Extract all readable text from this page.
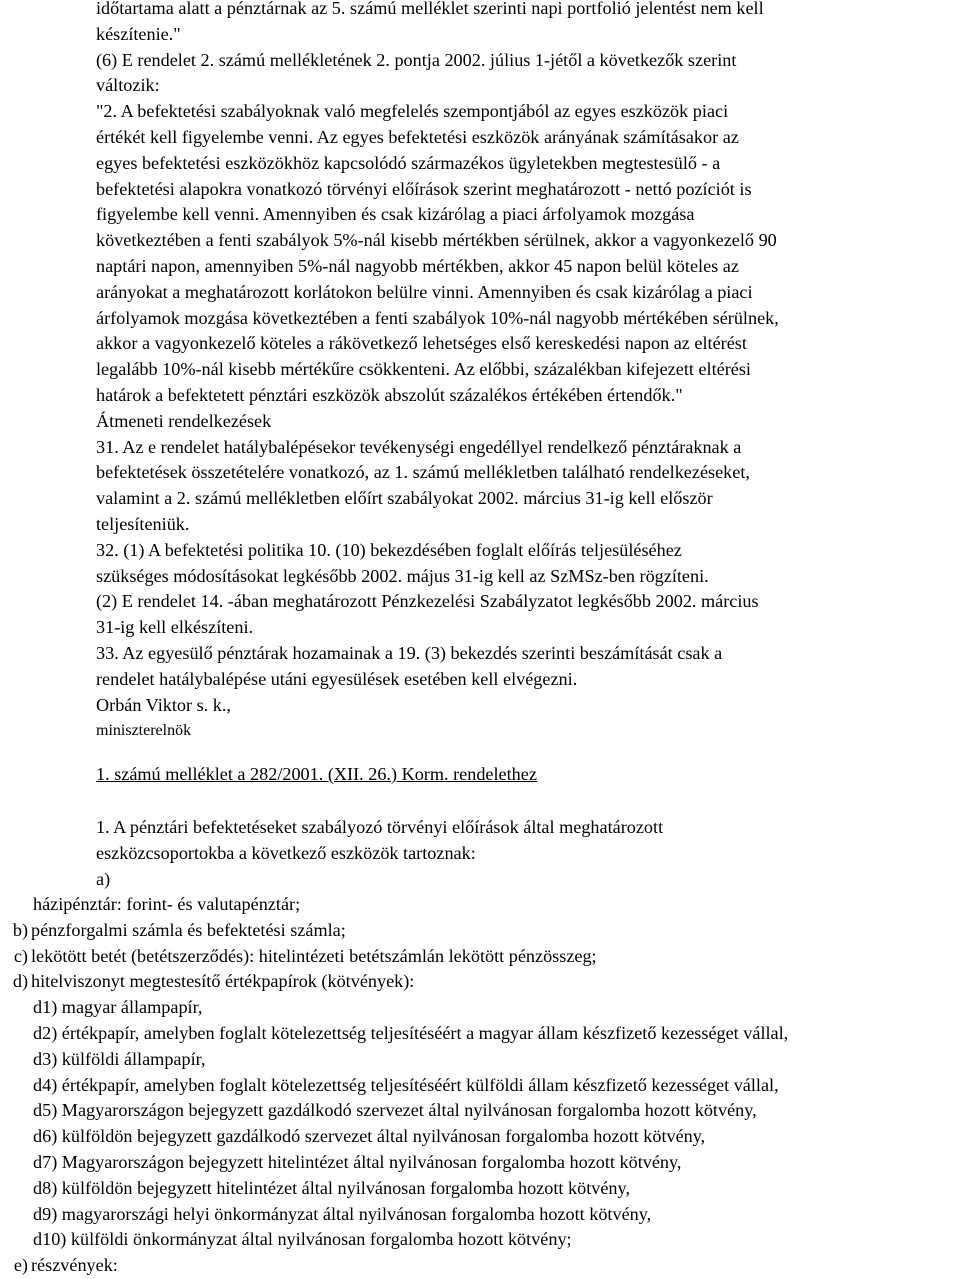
időtartama alatt a pénztárnak az 5. számú melléklet szerinti napi portfolió jelentést nem kell
készítenie."
(6) E rendelet 2. számú mellékletének 2. pontja 2002. július 1-jétől a következők szerint
változik:
"2. A befektetési szabályoknak való megfelelés szempontjából az egyes eszközök piaci
értékét kell figyelembe venni. Az egyes befektetési eszközök arányának számításakor az
egyes befektetési eszközökhöz kapcsolódó származékos ügyletekben megtestesülő - a
befektetési alapokra vonatkozó törvényi előírások szerint meghatározott - nettó pozíciót is
figyelembe kell venni. Amennyiben és csak kizárólag a piaci árfolyamok mozgása
következtében a fenti szabályok 5%-nál kisebb mértékben sérülnek, akkor a vagyonkezelő 90
naptári napon, amennyiben 5%-nál nagyobb mértékben, akkor 45 napon belül köteles az
arányokat a meghatározott korlátokon belülre vinni. Amennyiben és csak kizárólag a piaci
árfolyamok mozgása következtében a fenti szabályok 10%-nál nagyobb mértékében sérülnek,
akkor a vagyonkezelő köteles a rákövetkező lehetséges első kereskedési napon az eltérést
legalább 10%-nál kisebb mértékűre csökkenteni. Az előbbi, százalékban kifejezett eltérési
határok a befektetett pénztári eszközök abszolút százalékos értékében értendők."
Átmeneti rendelkezések
31. Az e rendelet hatálybalépésekor tevékenységi engedéllyel rendelkező pénztáraknak a
befektetések összetételére vonatkozó, az 1. számú mellékletben található rendelkezéseket,
valamint a 2. számú mellékletben előírt szabályokat 2002. március 31-ig kell először
teljesíteniük.
32. (1) A befektetési politika 10. (10) bekezdésében foglalt előírás teljesüléséhez
szükséges módosításokat legkésőbb 2002. május 31-ig kell az SzMSz-ben rögzíteni.
(2) E rendelet 14. -ában meghatározott Pénzkezelési Szabályzatot legkésőbb 2002. március
31-ig kell elkészíteni.
33. Az egyesülő pénztárak hozamainak a 19. (3) bekezdés szerinti beszámítását csak a
rendelet hatálybalépése utáni egyesülések esetében kell elvégezni.
Orbán Viktor s. k.,
miniszterelnök
1. számú melléklet a 282/2001. (XII. 26.) Korm. rendelethez
1. A pénztári befektetéseket szabályozó törvényi előírások által meghatározott
eszközcsoportokba a következő eszközök tartoznak:
a)
házipénztár: forint- és valutapénztár;
b) pénzforgalmi számla és befektetési számla;
c) lekötött betét (betétszerződés): hitelintézeti betétszámlán lekötött pénzösszeg;
d) hitelviszonyt megtestesítő értékpapírok (kötvények):
d1) magyar állampapír,
d2) értékpapír, amelyben foglalt kötelezettség teljesítéséért a magyar állam készfizető kezességet vállal,
d3) külföldi állampapír,
d4) értékpapír, amelyben foglalt kötelezettség teljesítéséért külföldi állam készfizető kezességet vállal,
d5) Magyarországon bejegyzett gazdálkodó szervezet által nyilvánosan forgalomba hozott kötvény,
d6) külföldön bejegyzett gazdálkodó szervezet által nyilvánosan forgalomba hozott kötvény,
d7) Magyarországon bejegyzett hitelintézet által nyilvánosan forgalomba hozott kötvény,
d8) külföldön bejegyzett hitelintézet által nyilvánosan forgalomba hozott kötvény,
d9) magyarországi helyi önkormányzat által nyilvánosan forgalomba hozott kötvény,
d10) külföldi önkormányzat által nyilvánosan forgalomba hozott kötvény;
e) részvények:
